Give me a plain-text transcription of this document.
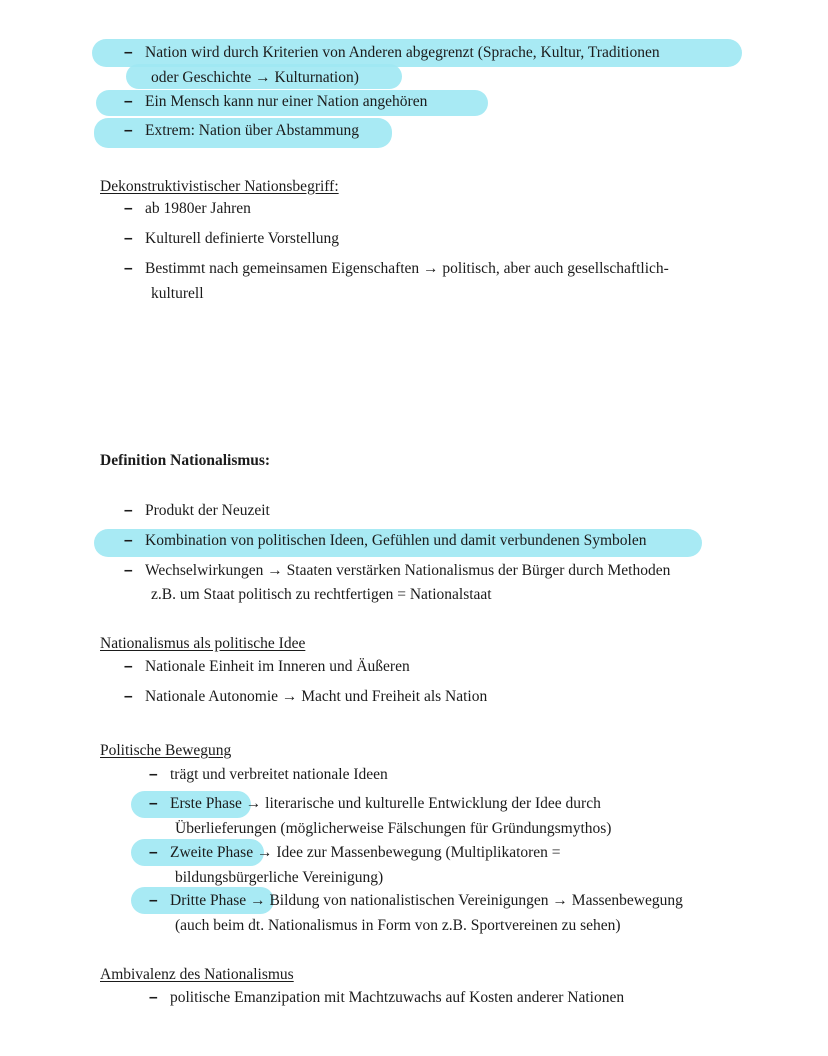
– Nation wird durch Kriterien von Anderen abgegrenzt (Sprache, Kultur, Traditionen
oder Geschichte → Kulturnation)
– Ein Mensch kann nur einer Nation angehören
– Extrem: Nation über Abstammung
Dekonstruktivistischer Nationsbegriff:
– ab 1980er Jahren
– Kulturell definierte Vorstellung
– Bestimmt nach gemeinsamen Eigenschaften → politisch, aber auch gesellschaftlich-
kulturell
Definition Nationalismus:
– Produkt der Neuzeit
– Kombination von politischen Ideen, Gefühlen und damit verbundenen Symbolen
– Wechselwirkungen → Staaten verstärken Nationalismus der Bürger durch Methoden
z.B. um Staat politisch zu rechtfertigen = Nationalstaat
Nationalismus als politische Idee
– Nationale Einheit im Inneren und Äußeren
– Nationale Autonomie → Macht und Freiheit als Nation
Politische Bewegung
– trägt und verbreitet nationale Ideen
– Erste Phase → literarische und kulturelle Entwicklung der Idee durch
Überlieferungen (möglicherweise Fälschungen für Gründungsmythos)
– Zweite Phase → Idee zur Massenbewegung (Multiplikatoren =
bildungsbürgerliche Vereinigung)
– Dritte Phase → Bildung von nationalistischen Vereinigungen → Massenbewegung
(auch beim dt. Nationalismus in Form von z.B. Sportvereinen zu sehen)
Ambivalenz des Nationalismus
– politische Emanzipation mit Machtzuwachs auf Kosten anderer Nationen
